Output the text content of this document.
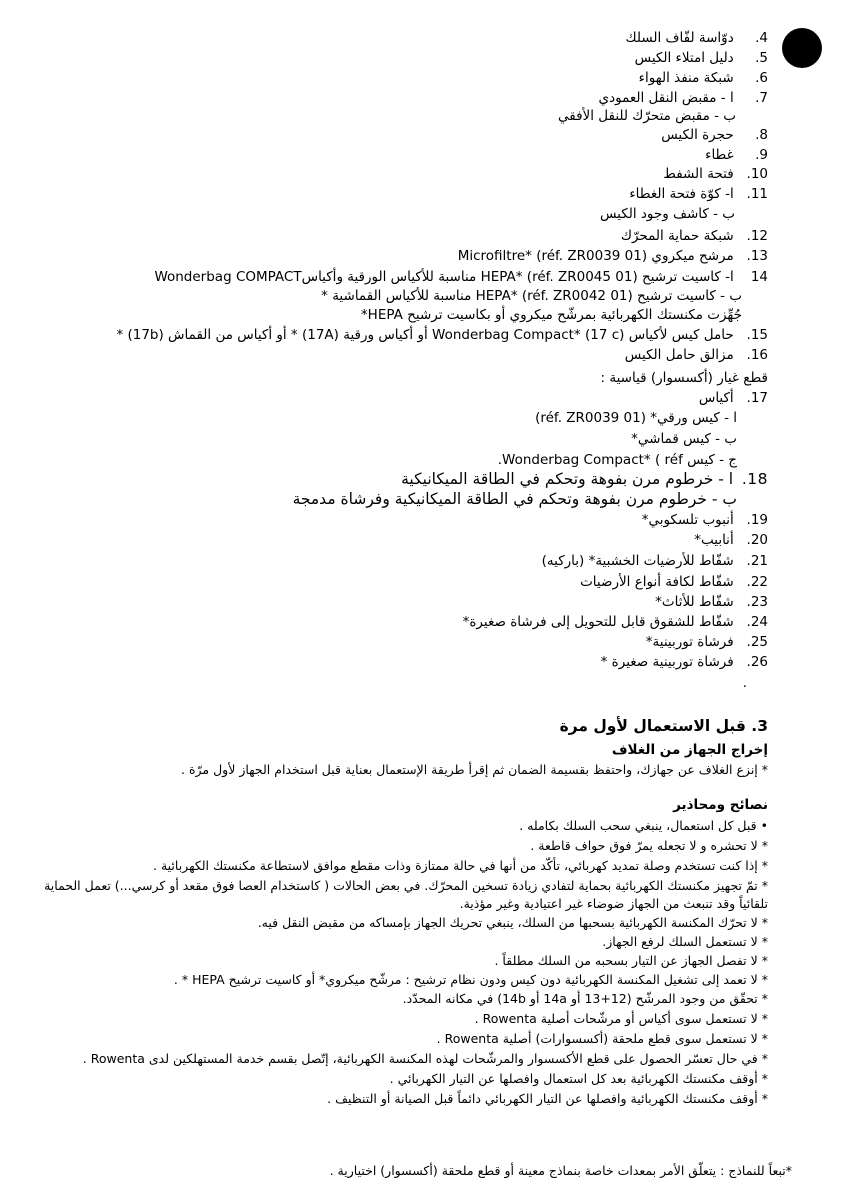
4. دوّاسة لفّاف السلك
5. دليل امتلاء الكيس
6. شبكة منفذ الهواء
7. ا - مقبض النقل العمودي
ب - مقبض متحرّك للنقل الأفقي
8. حجرة الكيس
9. غطاء
10. فتحة الشفط
11. ا- كوّة فتحة الغطاء
ب - كاشف وجود الكيس
12. شبكة حماية المحرّك
13. مرشح ميكروي (réf. ZR0039 01) *Microfiltre
14 ا- كاسيت ترشيح (réf. ZR0045 01) *HEPA مناسبة للأكياس الورقية وأكياسWonderbag COMPACT
ب - كاسيت ترشيح (réf. ZR0042 01) *HEPA مناسبة للأكياس القماشية *
جُهِّزت مكنستك الكهربائية بمرشّح ميكروي أو بكاسيت ترشيح HEPA*
15. حامل كيس لأكياس Wonderbag Compact* (17 c) أو أكياس ورقية (17A) * أو أكياس من القماش (17b) *
16. مزالق حامل الكيس
قطع غيار (أكسسوار) قياسية :
17. أكياس
ا - كيس ورقي* (réf. ZR0039 01)
ب - كيس قماشي*
ج - كيس Wonderbag Compact* ( réf.
18. ا - خرطوم مرن بفوهة وتحكم في الطاقة الميكانيكية
ب - خرطوم مرن بفوهة وتحكم في الطاقة الميكانيكية وفرشاة مدمجة
19. أنبوب تلسكوبي*
20. أنابيب*
21. شفّاط للأرضيات الخشبية* (باركيه)
22. شفّاط لكافة أنواع الأرضيات
23. شفّاط للأثاث*
24. شفّاط للشقوق قابل للتحويل إلى فرشاة صغيرة*
25. فرشاة توربينية*
26. فرشاة توربينية صغيرة *
.
3. قبل الاستعمال لأول مرة
إخراج الجهاز من الغلاف
* إنزع الغلاف عن جهازك، واحتفظ بقسيمة الضمان ثم إقرأ طريقة الإستعمال بعناية قبل استخدام الجهاز لأول مرّة .
نصائح ومحاذير
• قبل كل استعمال، ينبغي سحب السلك بكامله .
* لا تحشره و لا تجعله يمرّ فوق حواف قاطعة .
* إذا كنت تستخدم وصلة تمديد كهربائي، تأكّد من أنها في حالة ممتازة وذات مقطع موافق لاستطاعة مكنستك الكهربائية .
* تمّ تجهيز مكنستك الكهربائية بحماية لتفادي زيادة تسخين المحرّك. في بعض الحالات ( كاستخدام العصا فوق مقعد أو كرسي...) تعمل الحماية
تلقائياً وقد تنبعث من الجهاز ضوضاء غير اعتيادية وغير مؤذية.
* لا تحرّك المكنسة الكهربائية بسحبها من السلك، ينبغي تحريك الجهاز بإمساكه من مقبض النقل فيه.
* لا تستعمل السلك لرفع الجهاز.
* لا تفصل الجهاز عن التيار بسحبه من السلك مطلقاً .
* لا تعمد إلى تشغيل المكنسة الكهربائية دون كيس ودون نظام ترشيح : مرشّح ميكروي* أو كاسيت ترشيح HEPA * .
* تحقّق من وجود المرشّح (12+13 أو 14a أو 14b) في مكانه المحدّد.
* لا تستعمل سوى أكياس أو مرشّحات أصلية Rowenta .
* لا تستعمل سوى قطع ملحقة (أكسسوارات) أصلية Rowenta .
* في حال تعسّر الحصول على قطع الأكسسوار والمرشّحات لهذه المكنسة الكهربائية، إتّصل بقسم خدمة المستهلكين لدى Rowenta .
* أوقف مكنستك الكهربائية بعد كل استعمال وافصلها عن التيار الكهربائي .
* أوقف مكنستك الكهربائية وافصلها عن التيار الكهربائي دائماً قبل الصيانة أو التنظيف .
*تبعاً للنماذج : يتعلّق الأمر بمعدات خاصة بنماذج معينة أو قطع ملحقة (أكسسوار) اختيارية .
